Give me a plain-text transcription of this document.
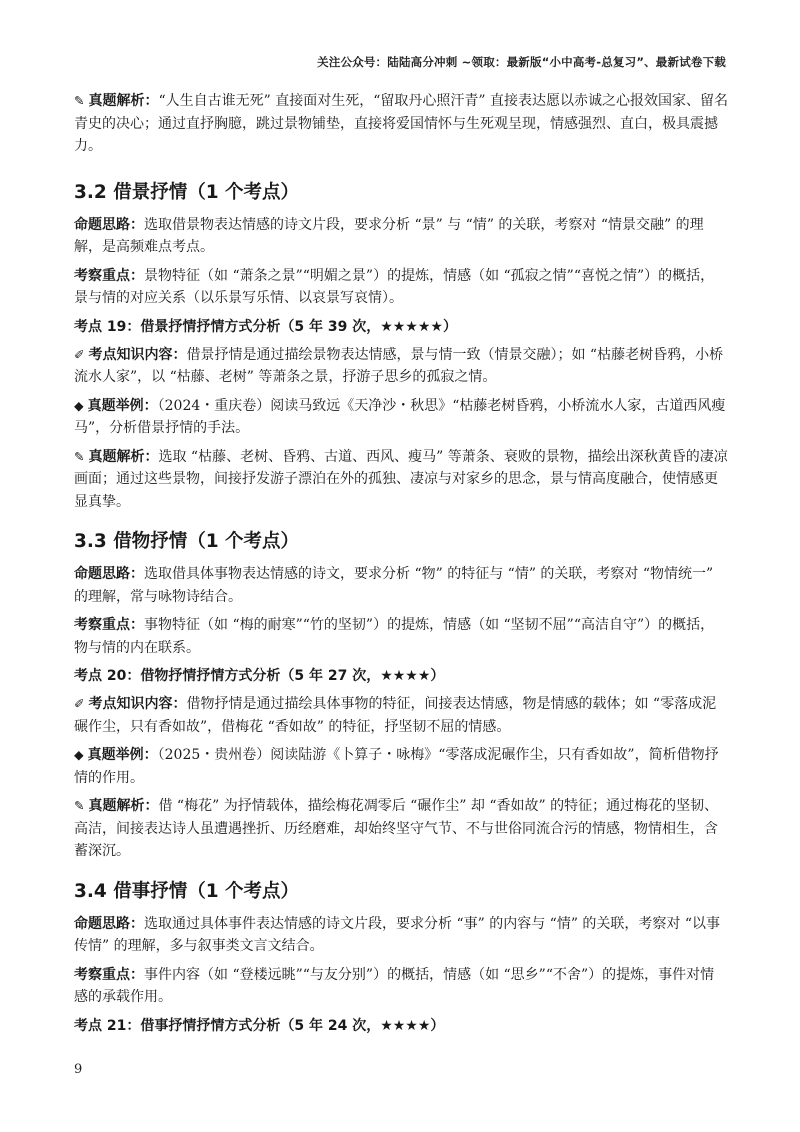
关注公众号：陆陆高分冲刺 ~领取：最新版“小中高考-总复习”、最新试卷下载

✎ 真题解析：“人生自古谁无死” 直接面对生死，“留取丹心照汗青” 直接表达愿以赤诚之心报效国家、留名青史的决心；通过直抒胸臆，跳过景物铺垫，直接将爱国情怀与生死观呈现，情感强烈、直白，极具震撼力。

3.2 借景抒情（1 个考点）

命题思路：选取借景物表达情感的诗文片段，要求分析 “景” 与 “情” 的关联，考察对 “情景交融” 的理解，是高频难点考点。

考察重点：景物特征（如 “萧条之景”“明媚之景”）的提炼，情感（如 “孤寂之情”“喜悦之情”）的概括，景与情的对应关系（以乐景写乐情、以哀景写哀情）。

考点 19：借景抒情抒情方式分析（5 年 39 次，★★★★★）

✐ 考点知识内容：借景抒情是通过描绘景物表达情感，景与情一致（情景交融）；如 “枯藤老树昏鸦，小桥流水人家”，以 “枯藤、老树” 等萧条之景，抒游子思乡的孤寂之情。

◆ 真题举例：（2024・重庆卷）阅读马致远《天净沙・秋思》“枯藤老树昏鸦，小桥流水人家，古道西风瘦马”，分析借景抒情的手法。

✎ 真题解析：选取 “枯藤、老树、昏鸦、古道、西风、瘦马” 等萧条、衰败的景物，描绘出深秋黄昏的凄凉画面；通过这些景物，间接抒发游子漂泊在外的孤独、凄凉与对家乡的思念，景与情高度融合，使情感更显真挚。

3.3 借物抒情（1 个考点）

命题思路：选取借具体事物表达情感的诗文，要求分析 “物” 的特征与 “情” 的关联，考察对 “物情统一” 的理解，常与咏物诗结合。

考察重点：事物特征（如 “梅的耐寒”“竹的坚韧”）的提炼，情感（如 “坚韧不屈”“高洁自守”）的概括，物与情的内在联系。

考点 20：借物抒情抒情方式分析（5 年 27 次，★★★★）

✐ 考点知识内容：借物抒情是通过描绘具体事物的特征，间接表达情感，物是情感的载体；如 “零落成泥碾作尘，只有香如故”，借梅花 “香如故” 的特征，抒坚韧不屈的情感。

◆ 真题举例：（2025・贵州卷）阅读陆游《卜算子・咏梅》“零落成泥碾作尘，只有香如故”，简析借物抒情的作用。

✎ 真题解析：借 “梅花” 为抒情载体，描绘梅花凋零后 “碾作尘” 却 “香如故” 的特征；通过梅花的坚韧、高洁，间接表达诗人虽遭遇挫折、历经磨难，却始终坚守气节、不与世俗同流合污的情感，物情相生，含蓄深沉。

3.4 借事抒情（1 个考点）

命题思路：选取通过具体事件表达情感的诗文片段，要求分析 “事” 的内容与 “情” 的关联，考察对 “以事传情” 的理解，多与叙事类文言文结合。

考察重点：事件内容（如 “登楼远眺”“与友分别”）的概括，情感（如 “思乡”“不舍”）的提炼，事件对情感的承载作用。

考点 21：借事抒情抒情方式分析（5 年 24 次，★★★★）
9
